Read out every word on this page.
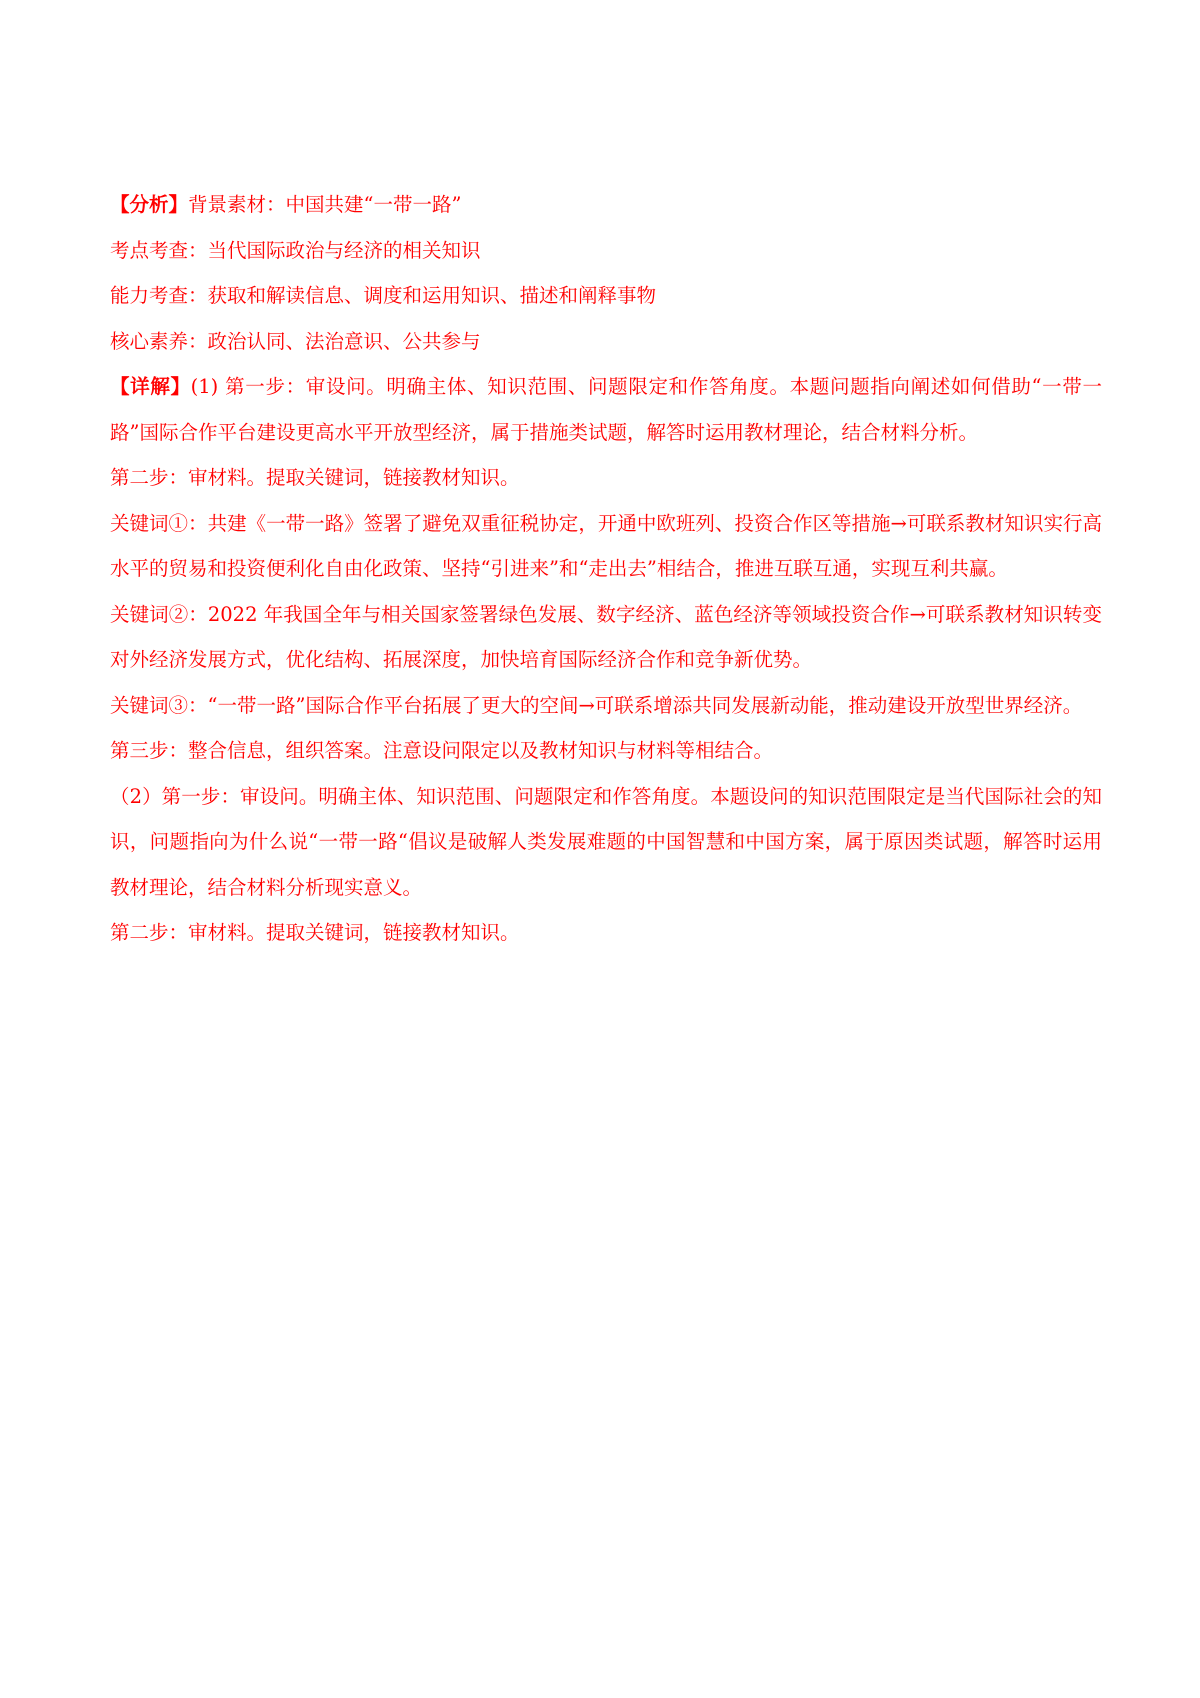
【分析】背景素材：中国共建“一带一路”

考点考查：当代国际政治与经济的相关知识

能力考查：获取和解读信息、调度和运用知识、描述和阐释事物

核心素养：政治认同、法治意识、公共参与

【详解】(1) 第一步：审设问。明确主体、知识范围、问题限定和作答角度。本题问题指向阐述如何借助“一带一路”国际合作平台建设更高水平开放型经济，属于措施类试题，解答时运用教材理论，结合材料分析。

第二步：审材料。提取关键词，链接教材知识。

关键词①：共建《一带一路》签署了避免双重征税协定，开通中欧班列、投资合作区等措施→可联系教材知识实行高水平的贸易和投资便利化自由化政策、坚持“引进来”和“走出去”相结合，推进互联互通，实现互利共赢。

关键词②：2022 年我国全年与相关国家签署绿色发展、数字经济、蓝色经济等领域投资合作→可联系教材知识转变对外经济发展方式，优化结构、拓展深度，加快培育国际经济合作和竞争新优势。

关键词③：“一带一路”国际合作平台拓展了更大的空间→可联系增添共同发展新动能，推动建设开放型世界经济。

第三步：整合信息，组织答案。注意设问限定以及教材知识与材料等相结合。

（2）第一步：审设问。明确主体、知识范围、问题限定和作答角度。本题设问的知识范围限定是当代国际社会的知识，问题指向为什么说“一带一路“倡议是破解人类发展难题的中国智慧和中国方案，属于原因类试题，解答时运用教材理论，结合材料分析现实意义。

第二步：审材料。提取关键词，链接教材知识。
